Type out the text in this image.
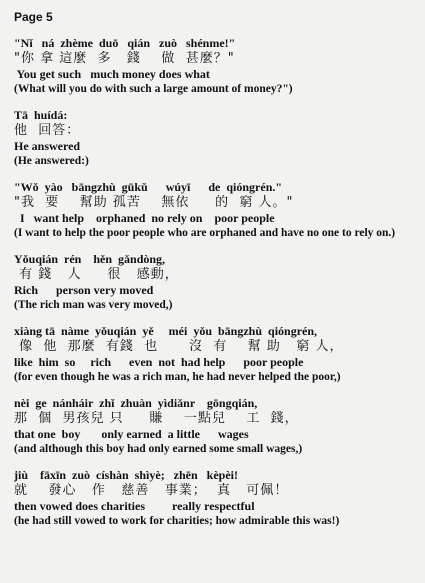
Page 5
"Nǐ   ná  zhème  duō   qián   zuò   shénme!"
"你 拿 這麼  多   錢    做  甚麼？"
You get such   much money does what
(What will you do with such a large amount of money?")
Tā  huídá:
他  回答：
He answered
(He answered:)
"Wǒ  yào   bāngzhù  gūkǔ      wúyī      de  qióngrén."
"我  要    幫助 孤苦    無依     的  窮 人。"
I   want help    orphaned  no rely on    poor people
(I want to help the poor people who are orphaned and have no one to rely on.)
Yǒuqián  rén    hěn  gǎndòng,
有 錢   人     很   感動，
Rich      person very moved
(The rich man was very moved,)
xiàng tā  nàme  yǒuqián  yě     méi  yǒu  bāngzhù  qióngrén,
像  他  那麼  有錢  也      沒  有    幫 助   窮 人，
like  him  so     rich      even  not  had help      poor people
(for even though he was a rich man, he had never helped the poor,)
nèi  ge  nánháir  zhǐ  zhuàn  yìdiǎnr    gōngqián,
那  個  男孩兒 只     賺    一點兒    工  錢，
that one  boy       only earned  a little      wages
(and although this boy had only earned some small wages,)
jiù    fāxīn  zuò  císhàn  shìyè;   zhēn   kèpèi!
就    發心   作   慈善   事業；  真   可佩！
then vowed does charities         really respectful
(he had still vowed to work for charities; how admirable this was!)
